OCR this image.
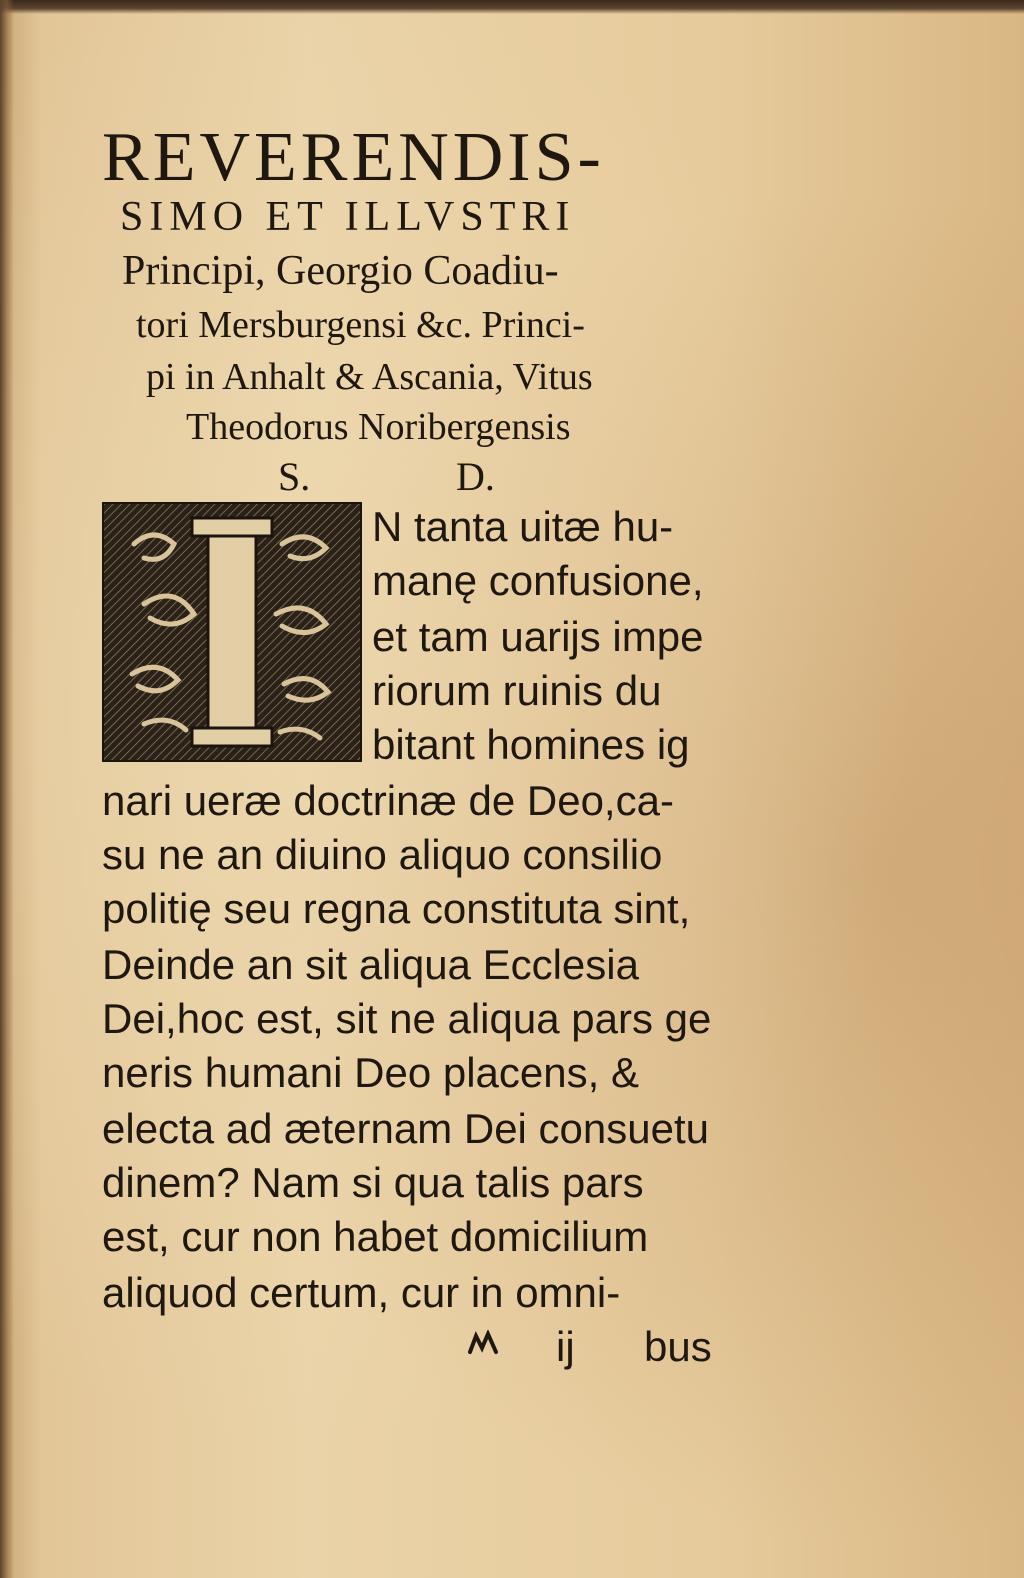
REVERENDIS-
SIMO ET ILLVSTRI
Principi, Georgio Coadiu-
tori Mersburgensi &c. Princi-
pi in Anhalt & Ascania, Vitus
Theodorus Noribergensis
S.	D.
N tanta uitæ hu-
manę confusione,
et tam uarijs impe
riorum ruinis du
bitant homines ig
nari ueræ doctrinæ de Deo,ca-
su ne an diuino aliquo consilio
politię seu regna constituta sint,
Deinde an sit aliqua Ecclesia
Dei,hoc est, sit ne aliqua pars ge
neris humani Deo placens, &
electa ad æternam Dei consuetu
dinem? Nam si qua talis pars
est, cur non habet domicilium
aliquod certum, cur in omni-
ij bus
